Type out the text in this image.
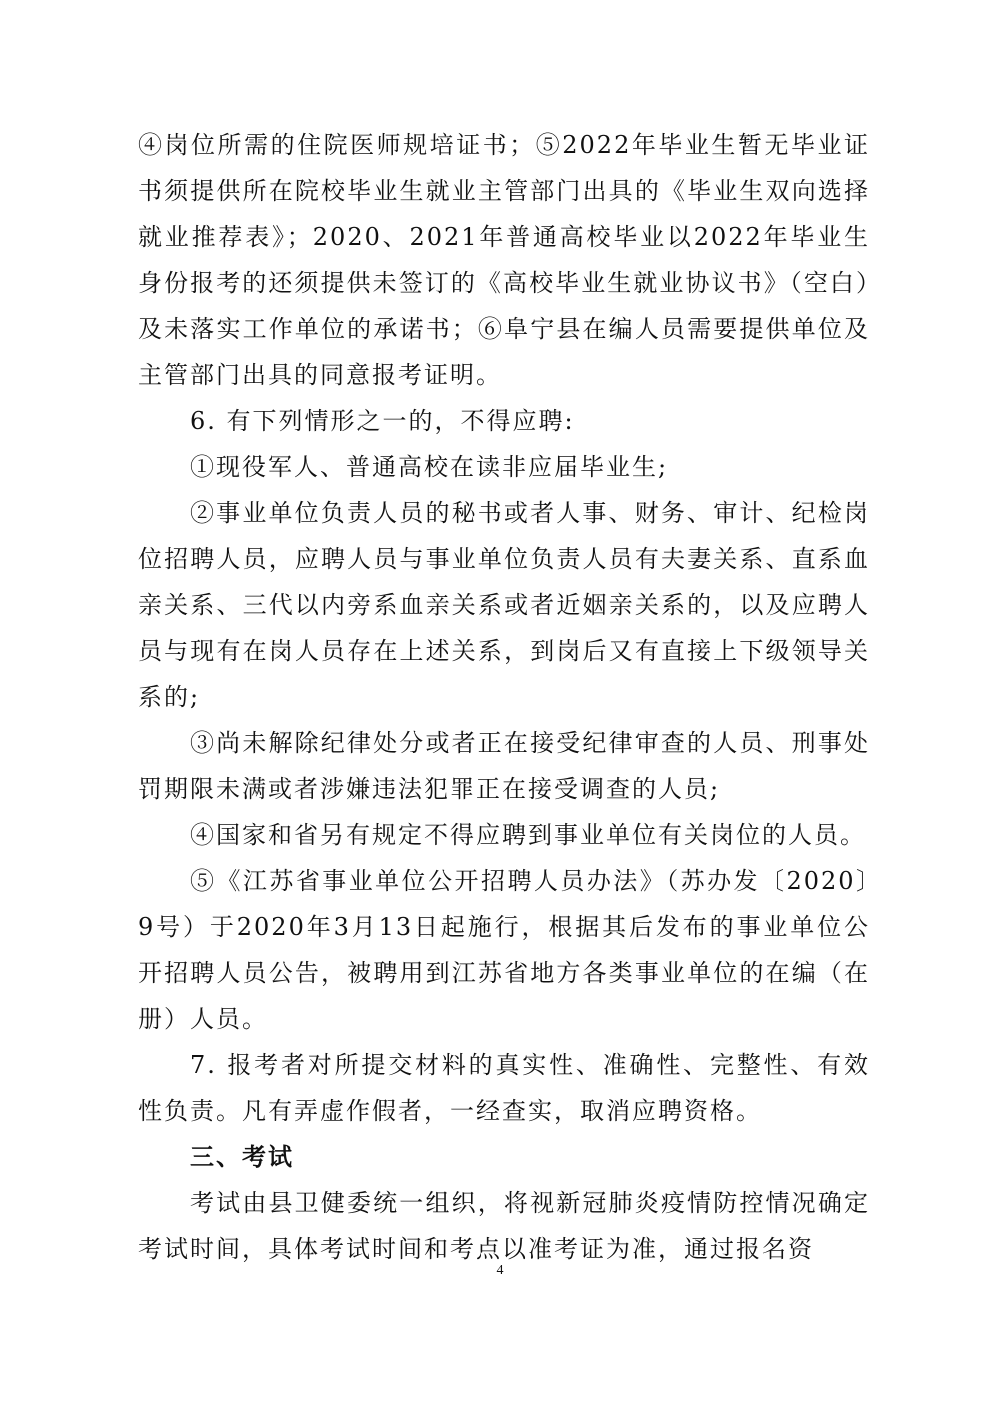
④岗位所需的住院医师规培证书；⑤2022年毕业生暂无毕业证书须提供所在院校毕业生就业主管部门出具的《毕业生双向选择就业推荐表》；2020、2021年普通高校毕业以2022年毕业生身份报考的还须提供未签订的《高校毕业生就业协议书》（空白）及未落实工作单位的承诺书；⑥阜宁县在编人员需要提供单位及主管部门出具的同意报考证明。

6. 有下列情形之一的，不得应聘:

①现役军人、普通高校在读非应届毕业生;

②事业单位负责人员的秘书或者人事、财务、审计、纪检岗位招聘人员，应聘人员与事业单位负责人员有夫妻关系、直系血亲关系、三代以内旁系血亲关系或者近姻亲关系的，以及应聘人员与现有在岗人员存在上述关系，到岗后又有直接上下级领导关系的;

③尚未解除纪律处分或者正在接受纪律审查的人员、刑事处罚期限未满或者涉嫌违法犯罪正在接受调查的人员;

④国家和省另有规定不得应聘到事业单位有关岗位的人员。

⑤《江苏省事业单位公开招聘人员办法》（苏办发〔2020〕9号）于2020年3月13日起施行，根据其后发布的事业单位公开招聘人员公告，被聘用到江苏省地方各类事业单位的在编（在册）人员。

7. 报考者对所提交材料的真实性、准确性、完整性、有效性负责。凡有弄虚作假者，一经查实，取消应聘资格。

三、考试

考试由县卫健委统一组织，将视新冠肺炎疫情防控情况确定考试时间，具体考试时间和考点以准考证为准，通过报名资

4
